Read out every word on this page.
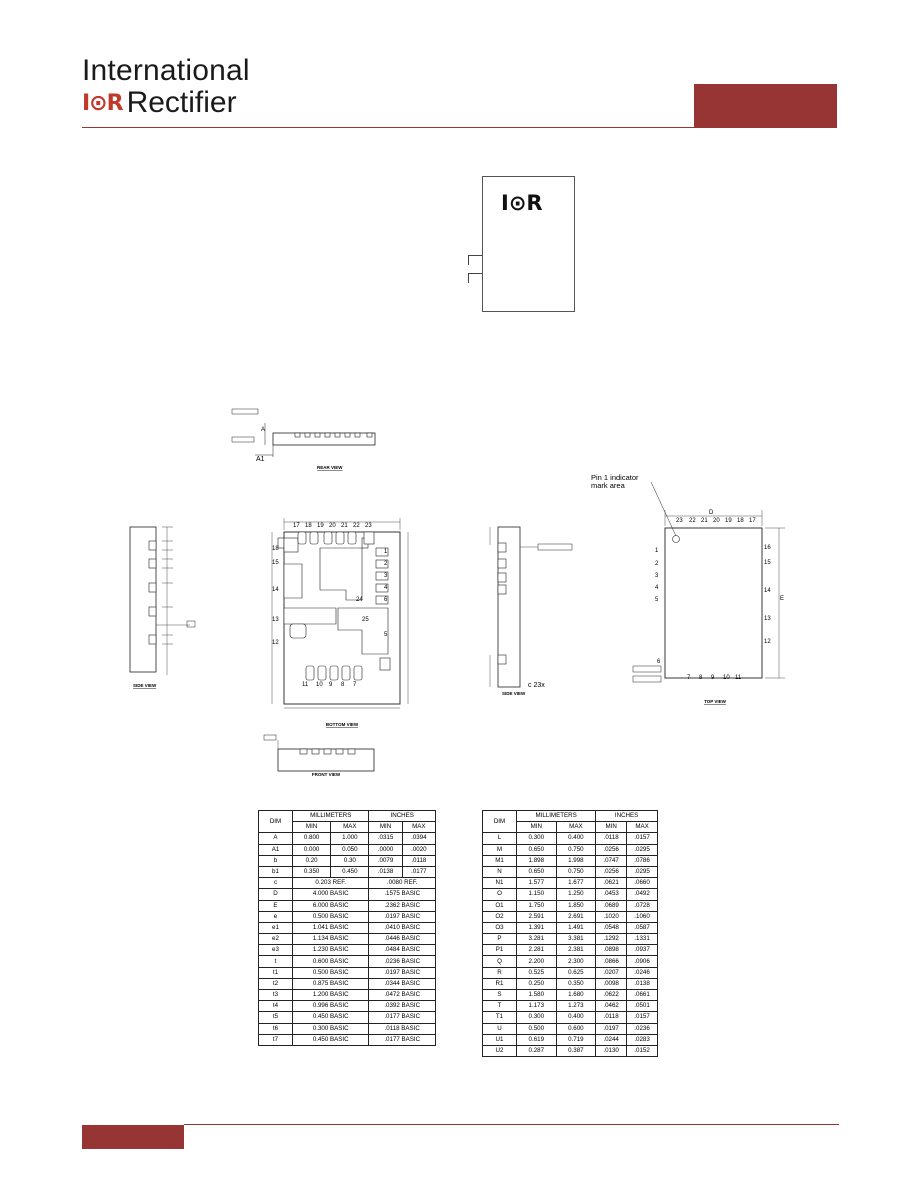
International
I⊙R Rectifier
I⊙R
A1
A
REAR VIEW
SIDE VIEW
BOTTOM VIEW
17 18 19 20 21 22 23
18
15
14
13
12
1
2
3
4
6
24
25
5
11 10 9 8 7
FRONT VIEW
c 23x
SIDE VIEW
D
E
TOP VIEW
Pin 1 indicator
mark area
23 22 21 20 19 18 17
1
2
3
4
5
6
16
15
14
13
12
7 8 9 10 11
DIM	MILLIMETERS		INCHES	
	MIN	MAX	MIN	MAX
A	0.800	1.000	.0315	.0394
A1	0.000	0.050	.0000	.0020
b	0.20	0.30	.0079	.0118
b1	0.350	0.450	.0138	.0177
c	0.203 REF.		.0080 REF.	
D	4.000 BASIC		.1575 BASIC	
E	6.000 BASIC		.2362 BASIC	
e	0.500 BASIC		.0197 BASIC	
e1	1.041 BASIC		.0410 BASIC	
e2	1.134 BASIC		.0446 BASIC	
e3	1.230 BASIC		.0484 BASIC	
t	0.600 BASIC		.0236 BASIC	
t1	0.500 BASIC		.0197 BASIC	
t2	0.875 BASIC		.0344 BASIC	
t3	1.200 BASIC		.0472 BASIC	
t4	0.996 BASIC		.0392 BASIC	
t5	0.450 BASIC		.0177 BASIC	
t6	0.300 BASIC		.0118 BASIC	
t7	0.450 BASIC		.0177 BASIC	
DIM	MILLIMETERS		INCHES	
	MIN	MAX	MIN	MAX
L	0.300	0.400	.0118	.0157
M	0.650	0.750	.0256	.0295
M1	1.898	1.998	.0747	.0786
N	0.650	0.750	.0256	.0295
N1	1.577	1.677	.0621	.0660
O	1.150	1.250	.0453	.0492
O1	1.750	1.850	.0689	.0728
O2	2.591	2.691	.1020	.1060
O3	1.391	1.491	.0548	.0587
P	3.281	3.381	.1292	.1331
P1	2.281	2.381	.0898	.0937
Q	2.200	2.300	.0866	.0906
R	0.525	0.625	.0207	.0246
R1	0.250	0.350	.0098	.0138
S	1.580	1.680	.0622	.0661
T	1.173	1.273	.0462	.0501
T1	0.300	0.400	.0118	.0157
U	0.500	0.600	.0197	.0236
U1	0.619	0.719	.0244	.0283
U2	0.287	0.387	.0130	.0152
